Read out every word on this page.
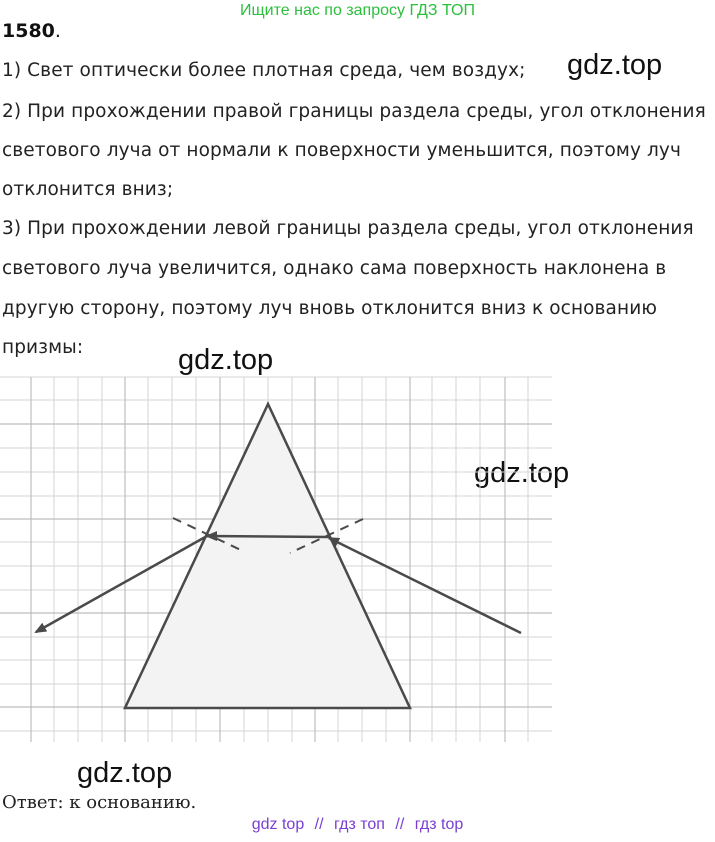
Ищите нас по запросу ГДЗ ТОП
1580.
1) Свет оптически более плотная среда, чем воздух;
2) При прохождении правой границы раздела среды, угол отклонения
светового луча от нормали к поверхности уменьшится, поэтому луч
отклонится вниз;
3) При прохождении левой границы раздела среды, угол отклонения
светового луча увеличится, однако сама поверхность наклонена в
другую сторону, поэтому луч вновь отклонится вниз к основанию
призмы:
gdz.top
gdz.top
gdz.top
gdz.top
Ответ: к основанию.
gdz top // гдз топ // гдз top
